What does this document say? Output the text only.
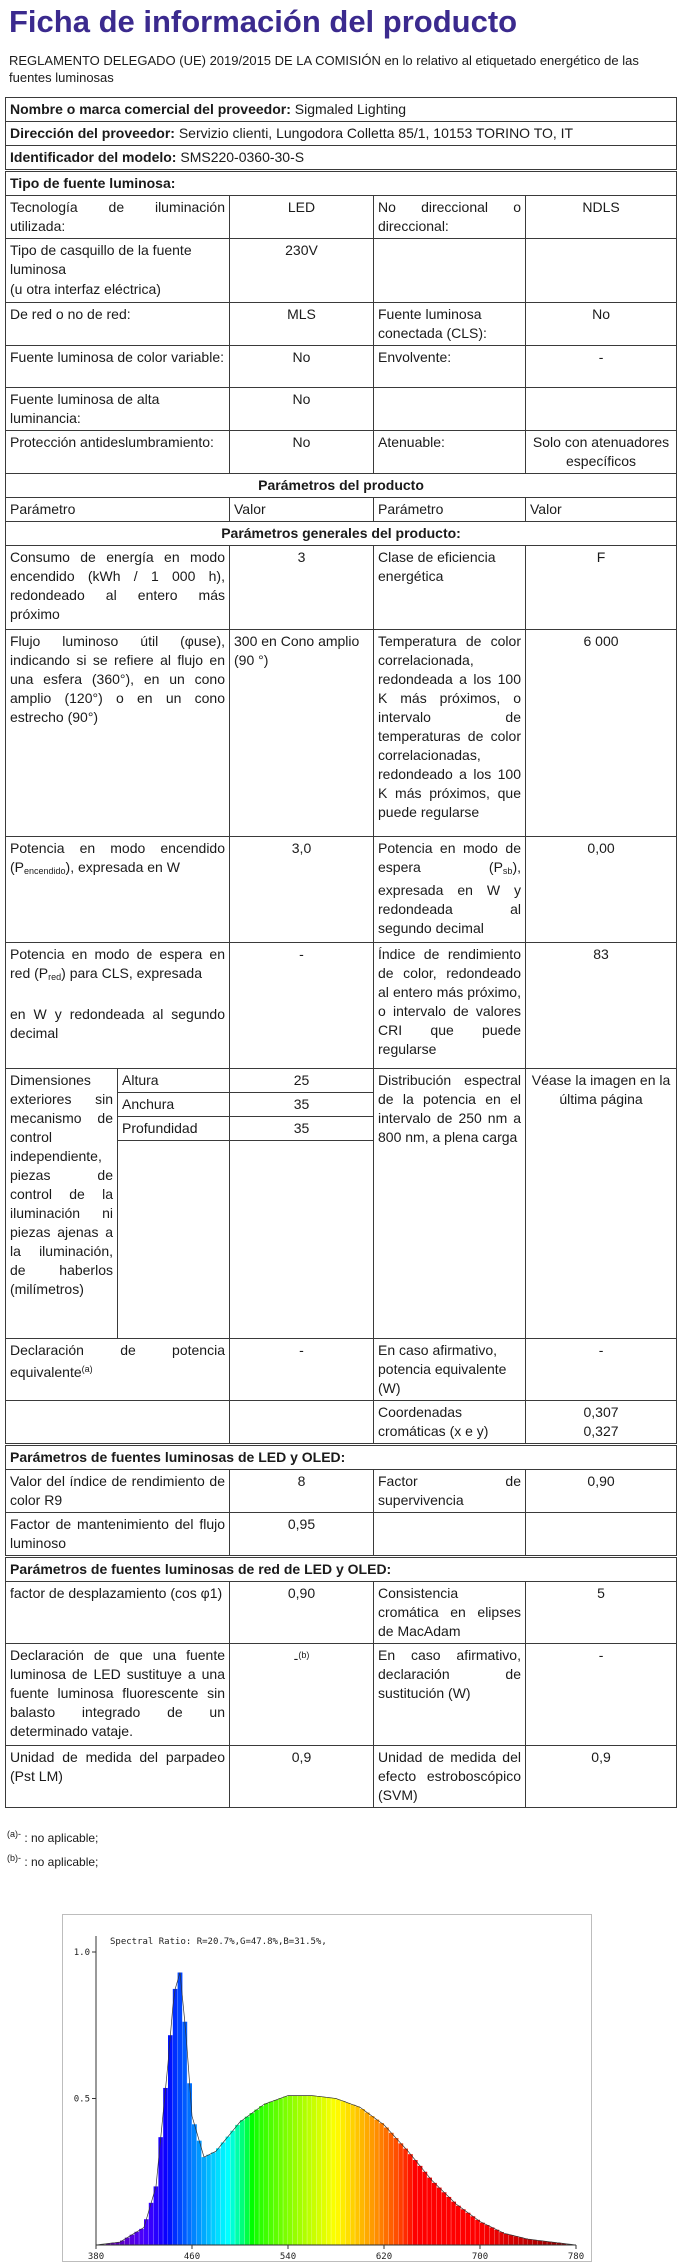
Ficha de información del producto
REGLAMENTO DELEGADO (UE) 2019/2015 DE LA COMISIÓN en lo relativo al etiquetado energético de las fuentes luminosas
Nombre o marca comercial del proveedor: Sigmaled Lighting				
Dirección del proveedor: Servizio clienti, Lungodora Colletta 85/1, 10153 TORINO TO, IT				
Identificador del modelo: SMS220-0360-30-S				
Tipo de fuente luminosa:				
Tecnología de iluminación utilizada:		LED	No direccional o direccional:	NDLS

Tipo de casquillo de la fuente luminosa
(u otra interfaz eléctrica)		230V		
De red o no de red:		MLS	Fuente luminosa conectada (CLS):	No
Fuente luminosa de color variable:		No	Envolvente:	-
Fuente luminosa de alta luminancia:		No		
Protección antideslumbramiento:		No	Atenuable:	Solo con atenuadores específicos
Parámetros del producto				
Parámetro		Valor	Parámetro	Valor
Parámetros generales del producto:				
Consumo de energía en modo encendido (kWh / 1 000 h), redondeado al entero más próximo		3	Clase de eficiencia energética	F
Flujo luminoso útil (φuse), indicando si se refiere al flujo en una esfera (360°), en un cono amplio (120°) o en un cono estrecho (90°)		300 en Cono amplio (90 °)	Temperatura de color correlacionada, redondeada a los 100 K más próximos, o intervalo de temperaturas de color correlacionadas, redondeado a los 100 K más próximos, que puede regularse	6 000
Potencia en modo encendido $(P_{encendido})$, expresada en W		3,0	Potencia en modo de espera $(P_{sb})$, expresada en W y redondeada al segundo decimal	0,00

Potencia en modo de espera en red $(P_{red})$ para CLS, expresada
en W y redondeada al segundo decimal		-	Índice de rendimiento de color, redondeado al entero más próximo, o intervalo de valores CRI que puede regularse	83
Dimensiones exteriores sin mecanismo de control independiente, piezas de control de la iluminación ni piezas ajenas a la iluminación, de haberlos (milímetros)	Altura	25	Distribución espectral de la potencia en el intervalo de 250 nm a 800 nm, a plena carga	Véase la imagen en la última página
	Anchura	35		
	Profundidad	35		

Declaración de potencia equivalente$^{(a)}$		-	En caso afirmativo, potencia equivalente (W)	-
			Coordenadas cromáticas (x e y)	0,307
0,327

Parámetros de fuentes luminosas de LED y OLED:				
Valor del índice de rendimiento de color R9		8	Factor de supervivencia	0,90
Factor de mantenimiento del flujo luminoso		0,95		
Parámetros de fuentes luminosas de red de LED y OLED:				
factor de desplazamiento (cos φ1)		0,90	Consistencia cromática en elipses de MacAdam	5
Declaración de que una fuente luminosa de LED sustituye a una fuente luminosa fluorescente sin balasto integrado de un determinado vataje.		-$^{(b)}$	En caso afirmativo, declaración de sustitución (W)	-
Unidad de medida del parpadeo (Pst LM)		0,9	Unidad de medida del efecto estroboscópico (SVM)	0,9
$^{(a)-}$ : no aplicable;
$^{(b)-}$ : no aplicable;
380	460	540	620	700	780
0.5
1.0
Spectral Ratio: R=20.7%,G=47.8%,B=31.5%,
